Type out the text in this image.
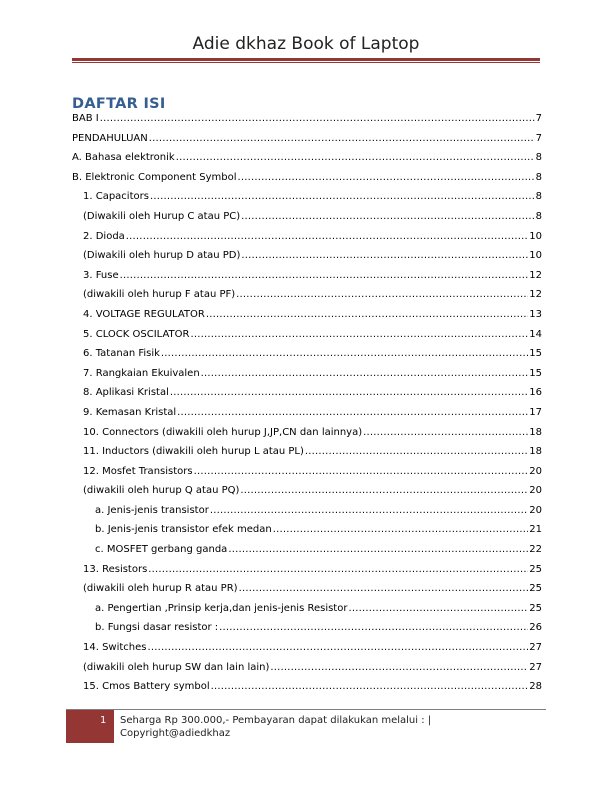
Adie dkhaz Book of Laptop
DAFTAR ISI
BAB I .....	7
PENDAHULUAN .....	7
A. Bahasa elektronik .....	8
B. Elektronic Component Symbol .....	8
1. Capacitors .....	8
(Diwakili oleh Hurup C atau PC) .....	8
2. Dioda .....	10
(Diwakili oleh hurup D atau PD) .....	10
3. Fuse .....	12
(diwakili oleh hurup F atau PF) .....	12
4. VOLTAGE REGULATOR .....	13
5. CLOCK OSCILATOR .....	14
6. Tatanan Fisik .....	15
7. Rangkaian Ekuivalen .....	15
8. Aplikasi Kristal .....	16
9. Kemasan Kristal .....	17
10. Connectors (diwakili oleh hurup J,JP,CN dan lainnya) .....	18
11. Inductors (diwakili oleh hurup L atau PL) .....	18
12. Mosfet Transistors .....	20
(diwakili oleh hurup Q atau PQ) .....	20
a. Jenis-jenis transistor .....	20
b. Jenis-jenis transistor efek medan .....	21
c. MOSFET gerbang ganda .....	22
13. Resistors .....	25
(diwakili oleh hurup R atau PR) .....	25
a. Pengertian ,Prinsip kerja,dan jenis-jenis Resistor .....	25
b. Fungsi dasar resistor : .....	26
14. Switches .....	27
(diwakili oleh hurup SW dan lain lain) .....	27
15. Cmos Battery symbol .....	28
1 Seharga Rp 300.000,- Pembayaran dapat dilakukan melalui : |
Copyright@adiedkhaz
